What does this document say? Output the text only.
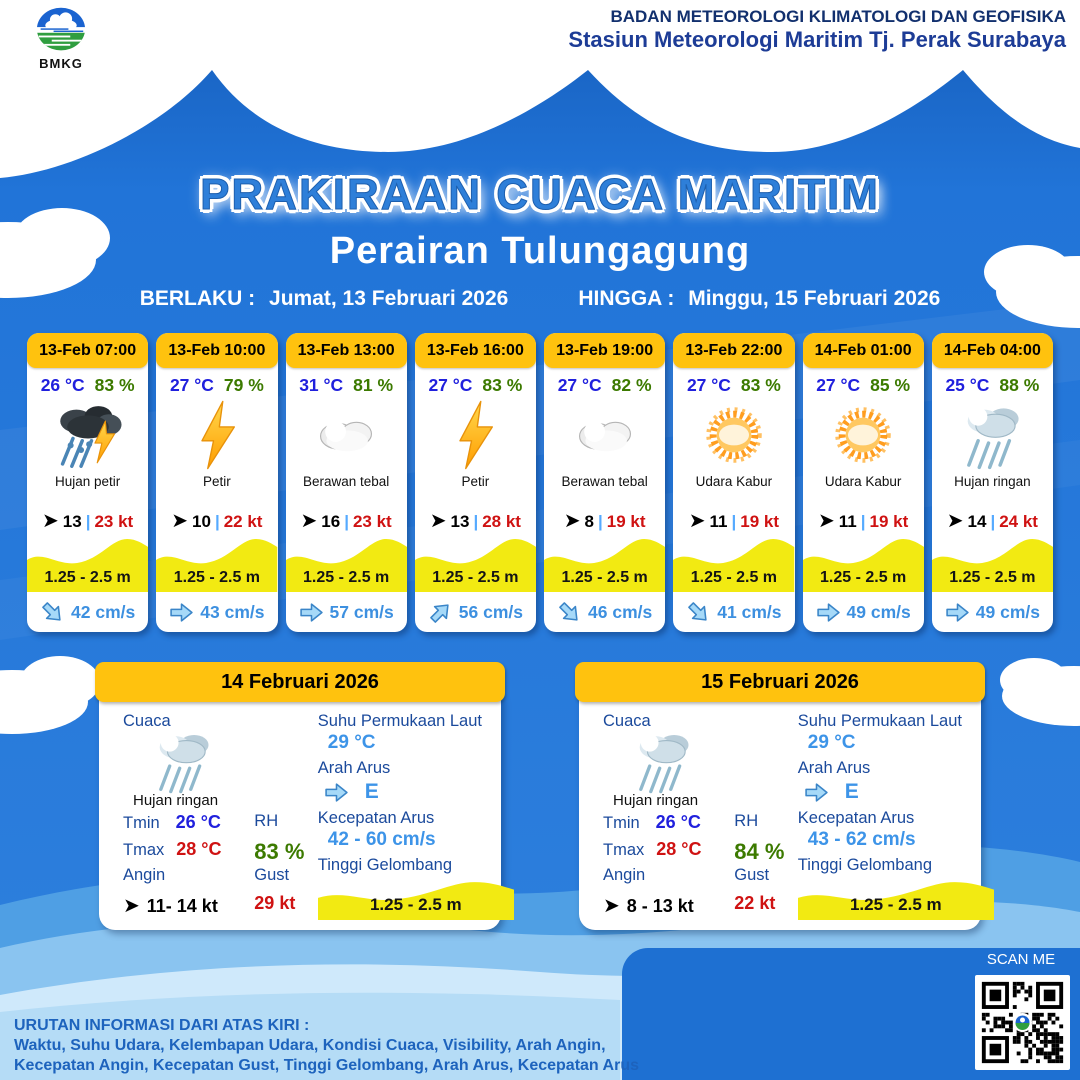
BMKG
BADAN METEOROLOGI KLIMATOLOGI DAN GEOFISIKA
Stasiun Meteorologi Maritim Tj. Perak Surabaya
PRAKIRAAN CUACA MARITIM
Perairan Tulungagung
BERLAKU : Jumat, 13 Februari 2026	HINGGA : Minggu, 15 Februari 2026
13-Feb 07:00
26 °C 83 %
Hujan petir
➤ 13 | 23 kt
1.25 - 2.5 m
42 cm/s
13-Feb 10:00
27 °C 79 %
Petir
➤ 10 | 22 kt
1.25 - 2.5 m
43 cm/s
13-Feb 13:00
31 °C 81 %
Berawan tebal
➤ 16 | 23 kt
1.25 - 2.5 m
57 cm/s
13-Feb 16:00
27 °C 83 %
Petir
➤ 13 | 28 kt
1.25 - 2.5 m
56 cm/s
13-Feb 19:00
27 °C 82 %
Berawan tebal
➤ 8 | 19 kt
1.25 - 2.5 m
46 cm/s
13-Feb 22:00
27 °C 83 %
Udara Kabur
➤ 11 | 19 kt
1.25 - 2.5 m
41 cm/s
14-Feb 01:00
27 °C 85 %
Udara Kabur
➤ 11 | 19 kt
1.25 - 2.5 m
49 cm/s
14-Feb 04:00
25 °C 88 %
Hujan ringan
➤ 14 | 24 kt
1.25 - 2.5 m
49 cm/s
14 Februari 2026
Cuaca
Hujan ringan
Tmin 26 °C
Tmax 28 °C
Angin
➤ 11- 14 kt
RH
83 %
Gust
29 kt
Suhu Permukaan Laut
29 °C
Arah Arus
E
Kecepatan Arus
42 - 60 cm/s
Tinggi Gelombang
1.25 - 2.5 m
15 Februari 2026
Cuaca
Hujan ringan
Tmin 26 °C
Tmax 28 °C
Angin
➤ 8 - 13 kt
RH
84 %
Gust
22 kt
Suhu Permukaan Laut
29 °C
Arah Arus
E
Kecepatan Arus
43 - 62 cm/s
Tinggi Gelombang
1.25 - 2.5 m
URUTAN INFORMASI DARI ATAS KIRI :
Waktu, Suhu Udara, Kelembapan Udara, Kondisi Cuaca, Visibility, Arah Angin,
Kecepatan Angin, Kecepatan Gust, Tinggi Gelombang, Arah Arus, Kecepatan Arus
SCAN ME
